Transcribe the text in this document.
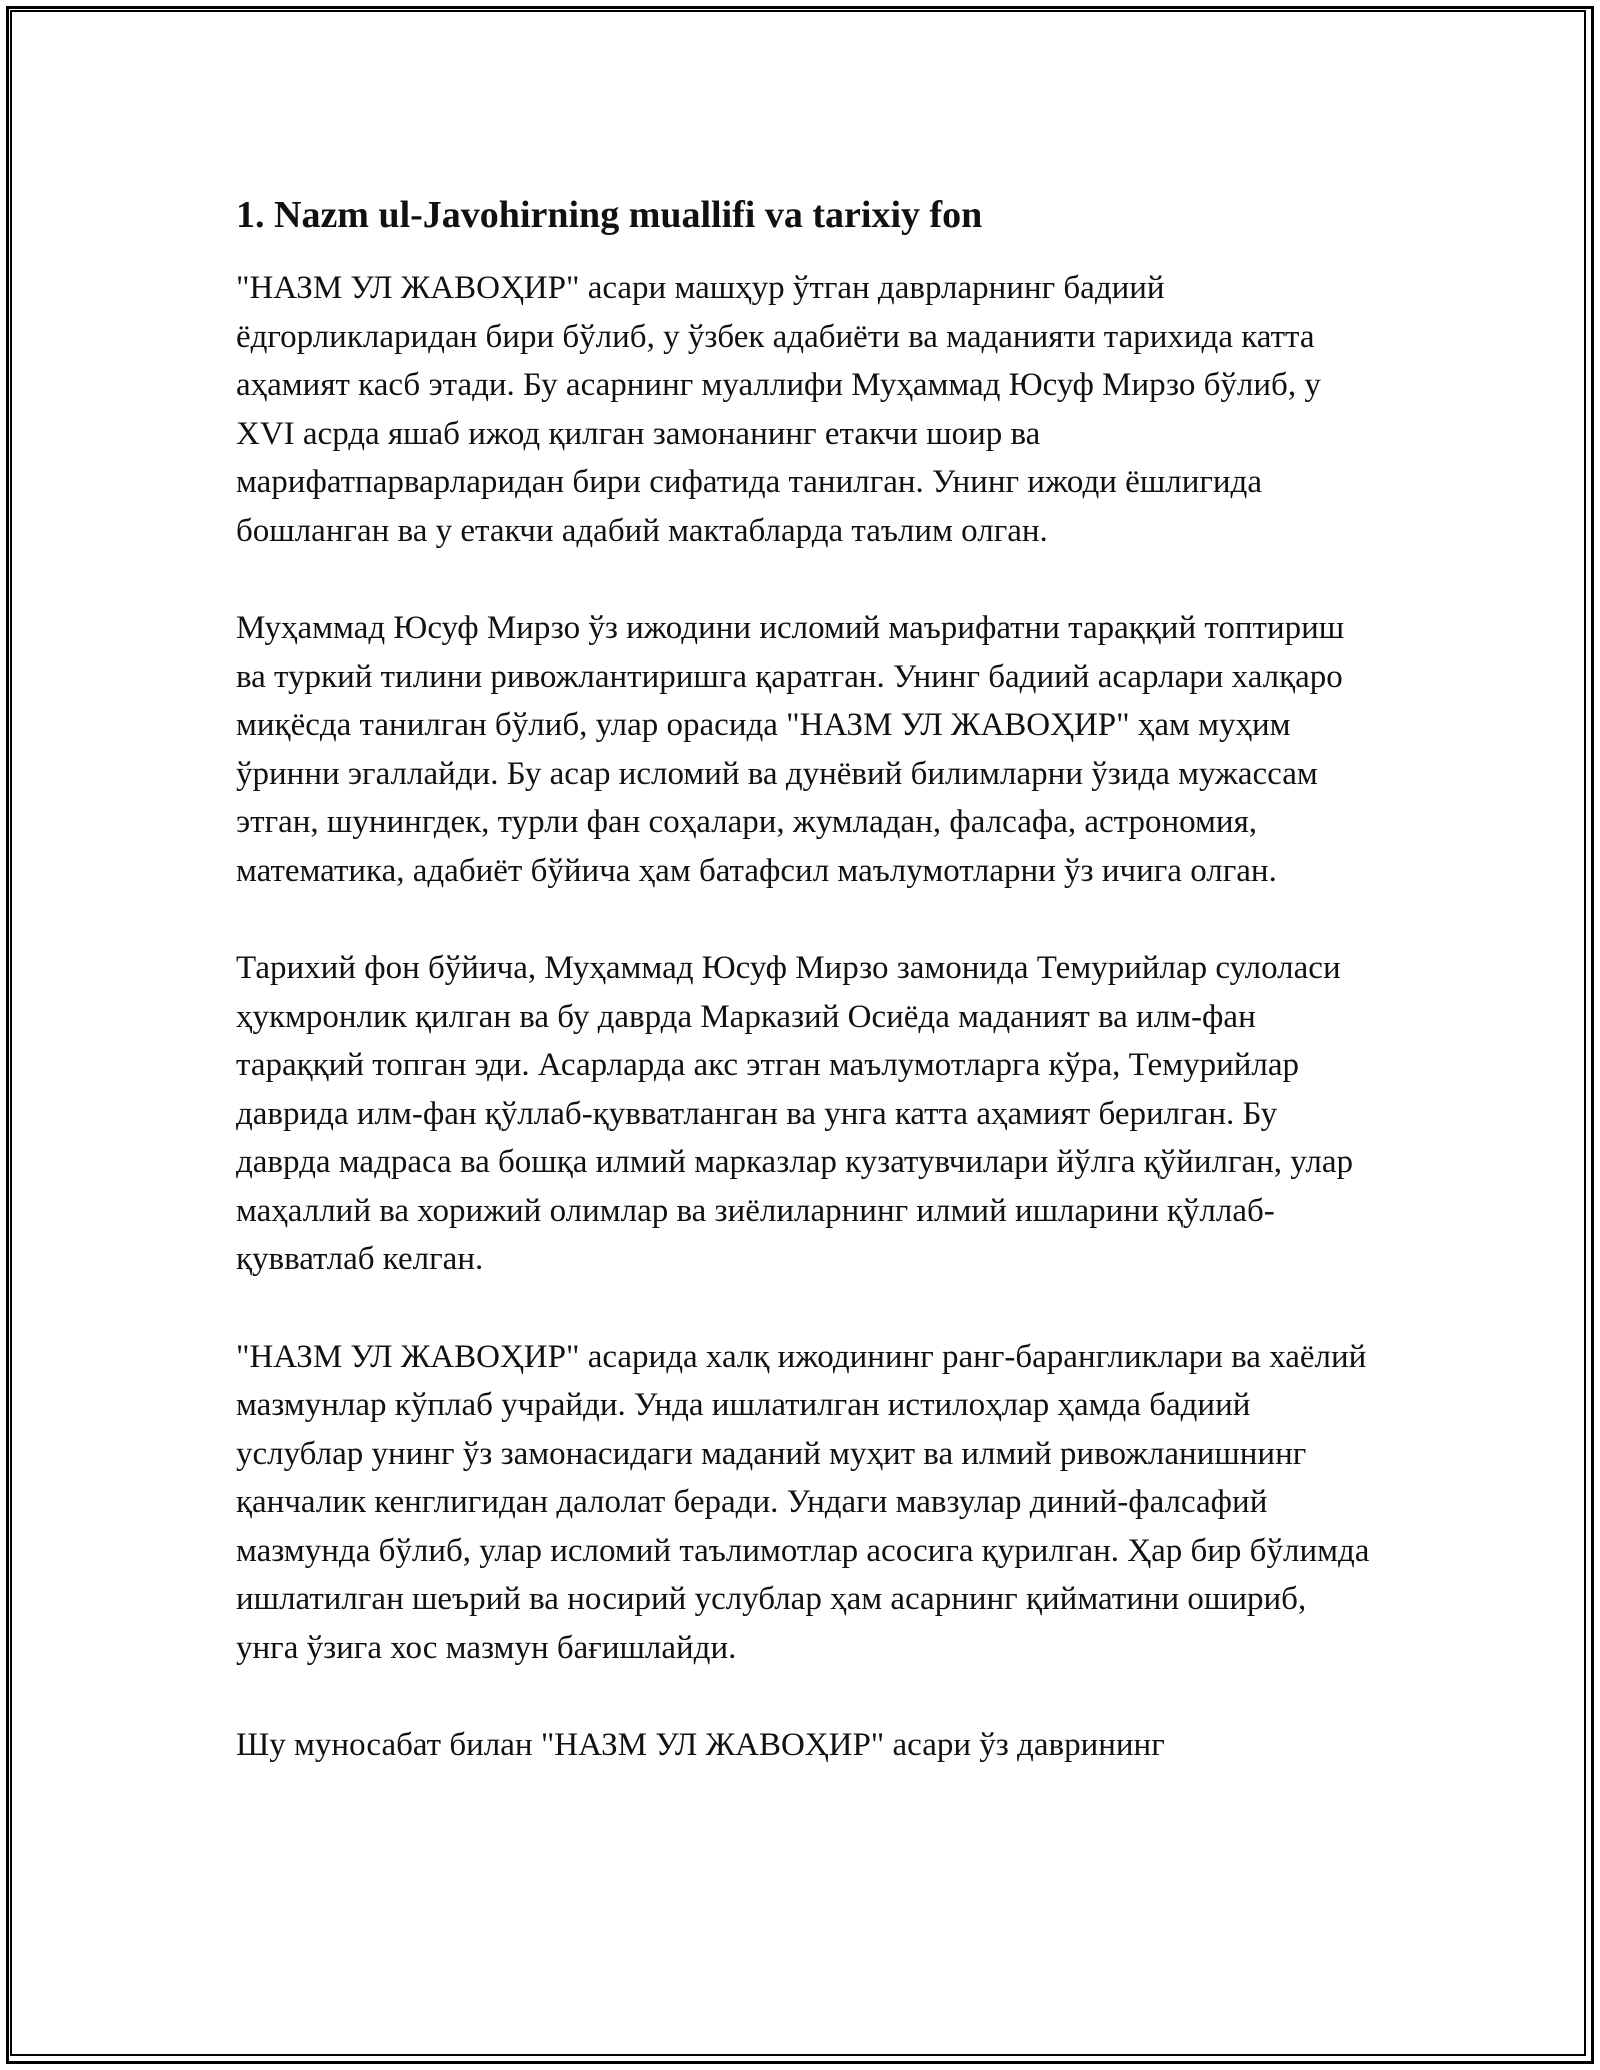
1. Nazm ul-Javohirning muallifi va tarixiy fon

"НАЗМ УЛ ЖАВОҲИР" асари машҳур ўтган даврларнинг бадиий ёдгорликларидан бири бўлиб, у ўзбек адабиёти ва маданияти тарихида катта аҳамият касб этади. Бу асарнинг муаллифи Муҳаммад Юсуф Мирзо бўлиб, у XVI асрда яшаб ижод қилган замонанинг етакчи шоир ва марифатпарварларидан бири сифатида танилган. Унинг ижоди ёшлигида бошланган ва у етакчи адабий мактабларда таълим олган.

Муҳаммад Юсуф Мирзо ўз ижодини исломий маърифатни тараққий топтириш ва туркий тилини ривожлантиришга қаратган. Унинг бадиий асарлари халқаро миқёсда танилган бўлиб, улар орасида "НАЗМ УЛ ЖАВОҲИР" ҳам муҳим ўринни эгаллайди. Бу асар исломий ва дунёвий билимларни ўзида мужассам этган, шунингдек, турли фан соҳалари, жумладан, фалсафа, астрономия, математика, адабиёт бўйича ҳам батафсил маълумотларни ўз ичига олган.

Тарихий фон бўйича, Муҳаммад Юсуф Мирзо замонида Темурийлар сулоласи ҳукмронлик қилган ва бу даврда Марказий Осиёда маданият ва илм-фан тараққий топган эди. Асарларда акс этган маълумотларга кўра, Темурийлар даврида илм-фан қўллаб-қувватланган ва унга катта аҳамият берилган. Бу даврда мадраса ва бошқа илмий марказлар кузатувчилари йўлга қўйилган, улар маҳаллий ва хорижий олимлар ва зиёлиларнинг илмий ишларини қўллаб-қувватлаб келган.

"НАЗМ УЛ ЖАВОҲИР" асарида халқ ижодининг ранг-барангликлари ва хаёлий мазмунлар кўплаб учрайди. Унда ишлатилган истилоҳлар ҳамда бадиий услублар унинг ўз замонасидаги маданий муҳит ва илмий ривожланишнинг қанчалик кенглигидан далолат беради. Ундаги мавзулар диний-фалсафий мазмунда бўлиб, улар исломий таълимотлар асосига қурилган. Ҳар бир бўлимда ишлатилган шеърий ва носирий услублар ҳам асарнинг қийматини ошириб, унга ўзига хос мазмун бағишлайди.

Шу муносабат билан "НАЗМ УЛ ЖАВОҲИР" асари ўз даврининг
